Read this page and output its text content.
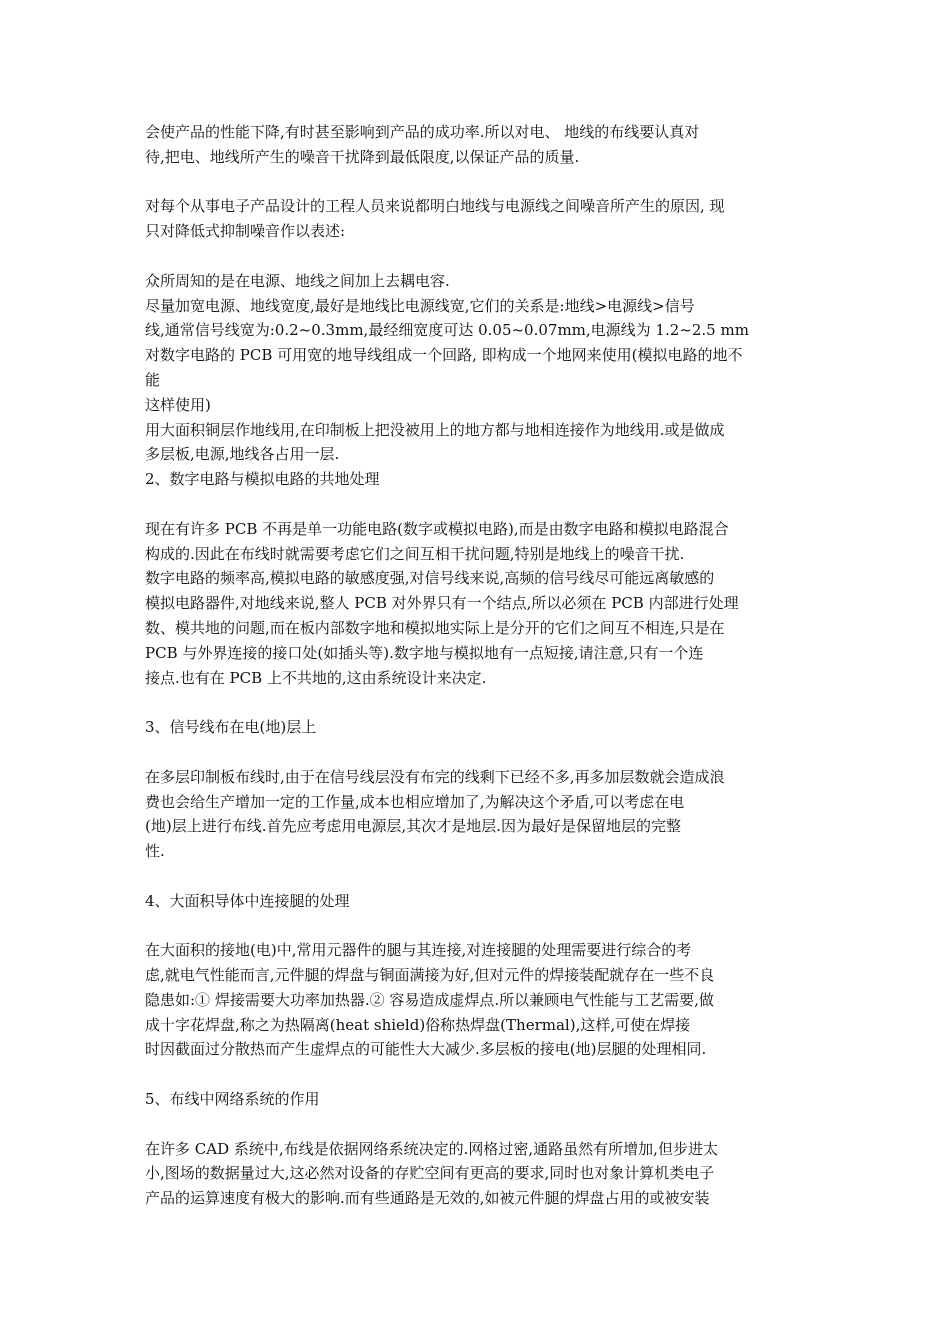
会使产品的性能下降,有时甚至影响到产品的成功率.所以对电、 地线的布线要认真对
待,把电、地线所产生的噪音干扰降到最低限度,以保证产品的质量.
对每个从事电子产品设计的工程人员来说都明白地线与电源线之间噪音所产生的原因, 现
只对降低式抑制噪音作以表述:
众所周知的是在电源、地线之间加上去耦电容.
尽量加宽电源、地线宽度,最好是地线比电源线宽,它们的关系是:地线>电源线>信号
线,通常信号线宽为:0.2~0.3mm,最经细宽度可达 0.05~0.07mm,电源线为 1.2~2.5 mm
对数字电路的 PCB 可用宽的地导线组成一个回路, 即构成一个地网来使用(模拟电路的地不
能
这样使用)
用大面积铜层作地线用,在印制板上把没被用上的地方都与地相连接作为地线用.或是做成
多层板,电源,地线各占用一层.
2、数字电路与模拟电路的共地处理
现在有许多 PCB 不再是单一功能电路(数字或模拟电路),而是由数字电路和模拟电路混合
构成的.因此在布线时就需要考虑它们之间互相干扰问题,特别是地线上的噪音干扰.
数字电路的频率高,模拟电路的敏感度强,对信号线来说,高频的信号线尽可能远离敏感的
模拟电路器件,对地线来说,整人 PCB 对外界只有一个结点,所以必须在 PCB 内部进行处理
数、模共地的问题,而在板内部数字地和模拟地实际上是分开的它们之间互不相连,只是在
PCB 与外界连接的接口处(如插头等).数字地与模拟地有一点短接,请注意,只有一个连
接点.也有在 PCB 上不共地的,这由系统设计来决定.
3、信号线布在电(地)层上
在多层印制板布线时,由于在信号线层没有布完的线剩下已经不多,再多加层数就会造成浪
费也会给生产增加一定的工作量,成本也相应增加了,为解决这个矛盾,可以考虑在电
(地)层上进行布线.首先应考虑用电源层,其次才是地层.因为最好是保留地层的完整
性.
4、大面积导体中连接腿的处理
在大面积的接地(电)中,常用元器件的腿与其连接,对连接腿的处理需要进行综合的考
虑,就电气性能而言,元件腿的焊盘与铜面满接为好,但对元件的焊接装配就存在一些不良
隐患如:① 焊接需要大功率加热器.② 容易造成虚焊点.所以兼顾电气性能与工艺需要,做
成十字花焊盘,称之为热隔离(heat shield)俗称热焊盘(Thermal),这样,可使在焊接
时因截面过分散热而产生虚焊点的可能性大大减少.多层板的接电(地)层腿的处理相同.
5、布线中网络系统的作用
在许多 CAD 系统中,布线是依据网络系统决定的.网格过密,通路虽然有所增加,但步进太
小,图场的数据量过大,这必然对设备的存贮空间有更高的要求,同时也对象计算机类电子
产品的运算速度有极大的影响.而有些通路是无效的,如被元件腿的焊盘占用的或被安装
